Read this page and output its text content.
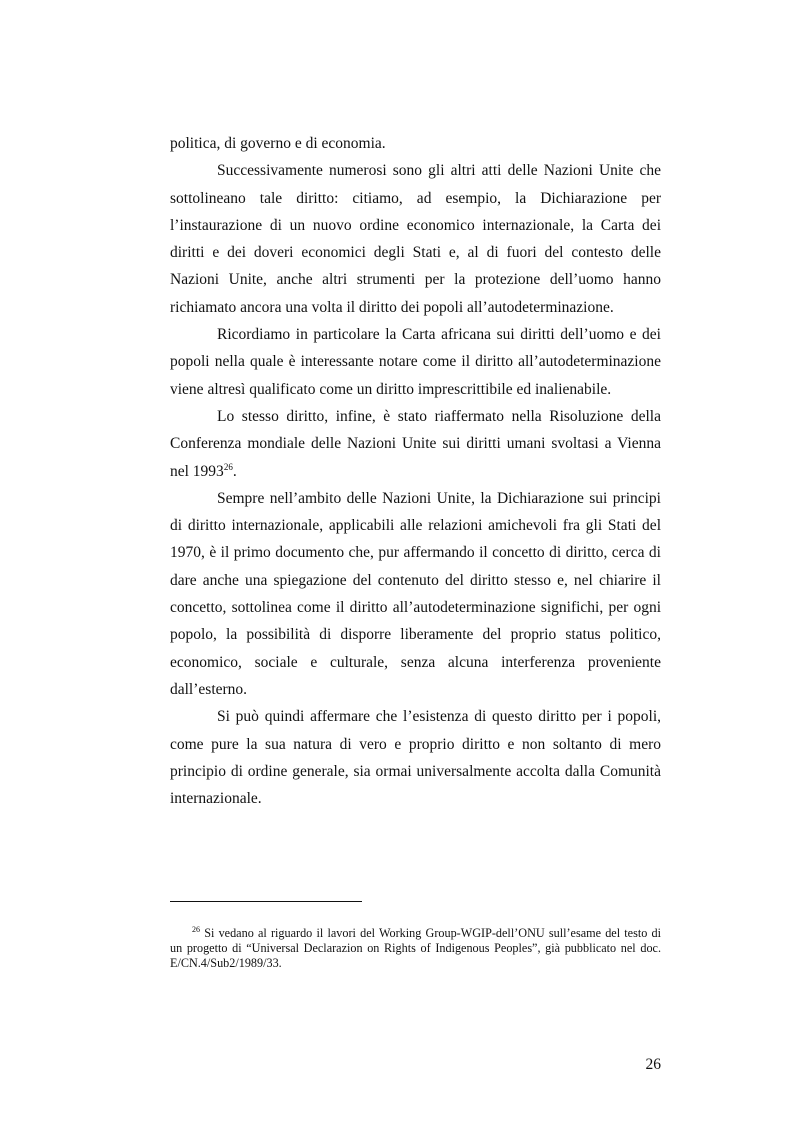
politica, di governo e di economia.

Successivamente numerosi sono gli altri atti delle Nazioni Unite che sottolineano tale diritto: citiamo, ad esempio, la Dichiarazione per l’instaurazione di un nuovo ordine economico internazionale, la Carta dei diritti e dei doveri economici degli Stati e, al di fuori del contesto delle Nazioni Unite, anche altri strumenti per la protezione dell’uomo hanno richiamato ancora una volta il diritto dei popoli all’autodeterminazione.

Ricordiamo in particolare la Carta africana sui diritti dell’uomo e dei popoli nella quale è interessante notare come il diritto all’autodeterminazione viene altresì qualificato come un diritto imprescrittibile ed inalienabile.

Lo stesso diritto, infine, è stato riaffermato nella Risoluzione della Conferenza mondiale delle Nazioni Unite sui diritti umani svoltasi a Vienna nel 1993$^{26}$.

Sempre nell’ambito delle Nazioni Unite, la Dichiarazione sui principi di diritto internazionale, applicabili alle relazioni amichevoli fra gli Stati del 1970, è il primo documento che, pur affermando il concetto di diritto, cerca di dare anche una spiegazione del contenuto del diritto stesso e, nel chiarire il concetto, sottolinea come il diritto all’autodeterminazione significhi, per ogni popolo, la possibilità di disporre liberamente del proprio status politico, economico, sociale e culturale, senza alcuna interferenza proveniente dall’esterno.

Si può quindi affermare che l’esistenza di questo diritto per i popoli, come pure la sua natura di vero e proprio diritto e non soltanto di mero principio di ordine generale, sia ormai universalmente accolta dalla Comunità internazionale.

$^{26}$ Si vedano al riguardo il lavori del Working Group-WGIP-dell’ONU sull’esame del testo di un progetto di “Universal Declarazion on Rights of Indigenous Peoples”, già pubblicato nel doc. E/CN.4/Sub2/1989/33.

26
